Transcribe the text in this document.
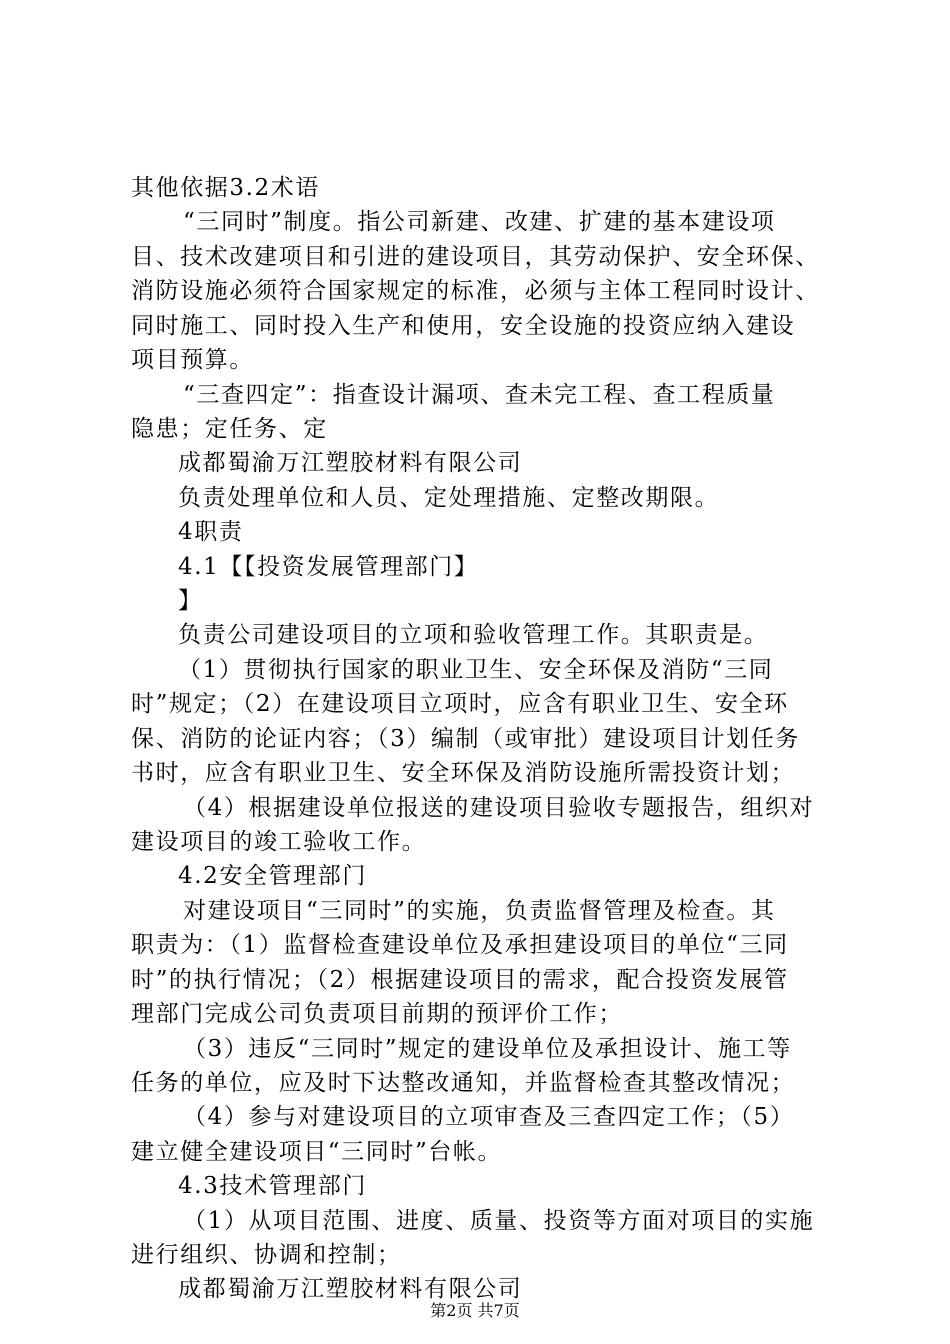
其他依据3.2术语
“三同时”制度。指公司新建、改建、扩建的基本建设项
目、技术改建项目和引进的建设项目，其劳动保护、安全环保、
消防设施必须符合国家规定的标准，必须与主体工程同时设计、
同时施工、同时投入生产和使用，安全设施的投资应纳入建设
项目预算。
“三查四定”：指查设计漏项、查未完工程、查工程质量
隐患；定任务、定
成都蜀渝万江塑胶材料有限公司
负责处理单位和人员、定处理措施、定整改期限。
4职责
4.1【【投资发展管理部门】
】
负责公司建设项目的立项和验收管理工作。其职责是。
（1）贯彻执行国家的职业卫生、安全环保及消防“三同
时”规定；（2）在建设项目立项时，应含有职业卫生、安全环
保、消防的论证内容；（3）编制（或审批）建设项目计划任务
书时，应含有职业卫生、安全环保及消防设施所需投资计划；
（4）根据建设单位报送的建设项目验收专题报告，组织对
建设项目的竣工验收工作。
4.2安全管理部门
对建设项目“三同时”的实施，负责监督管理及检查。其
职责为：（1）监督检查建设单位及承担建设项目的单位“三同
时”的执行情况；（2）根据建设项目的需求，配合投资发展管
理部门完成公司负责项目前期的预评价工作；
（3）违反“三同时”规定的建设单位及承担设计、施工等
任务的单位，应及时下达整改通知，并监督检查其整改情况；
（4）参与对建设项目的立项审查及三查四定工作；（5）
建立健全建设项目“三同时”台帐。
4.3技术管理部门
（1）从项目范围、进度、质量、投资等方面对项目的实施
进行组织、协调和控制；
成都蜀渝万江塑胶材料有限公司
第2页 共7页
